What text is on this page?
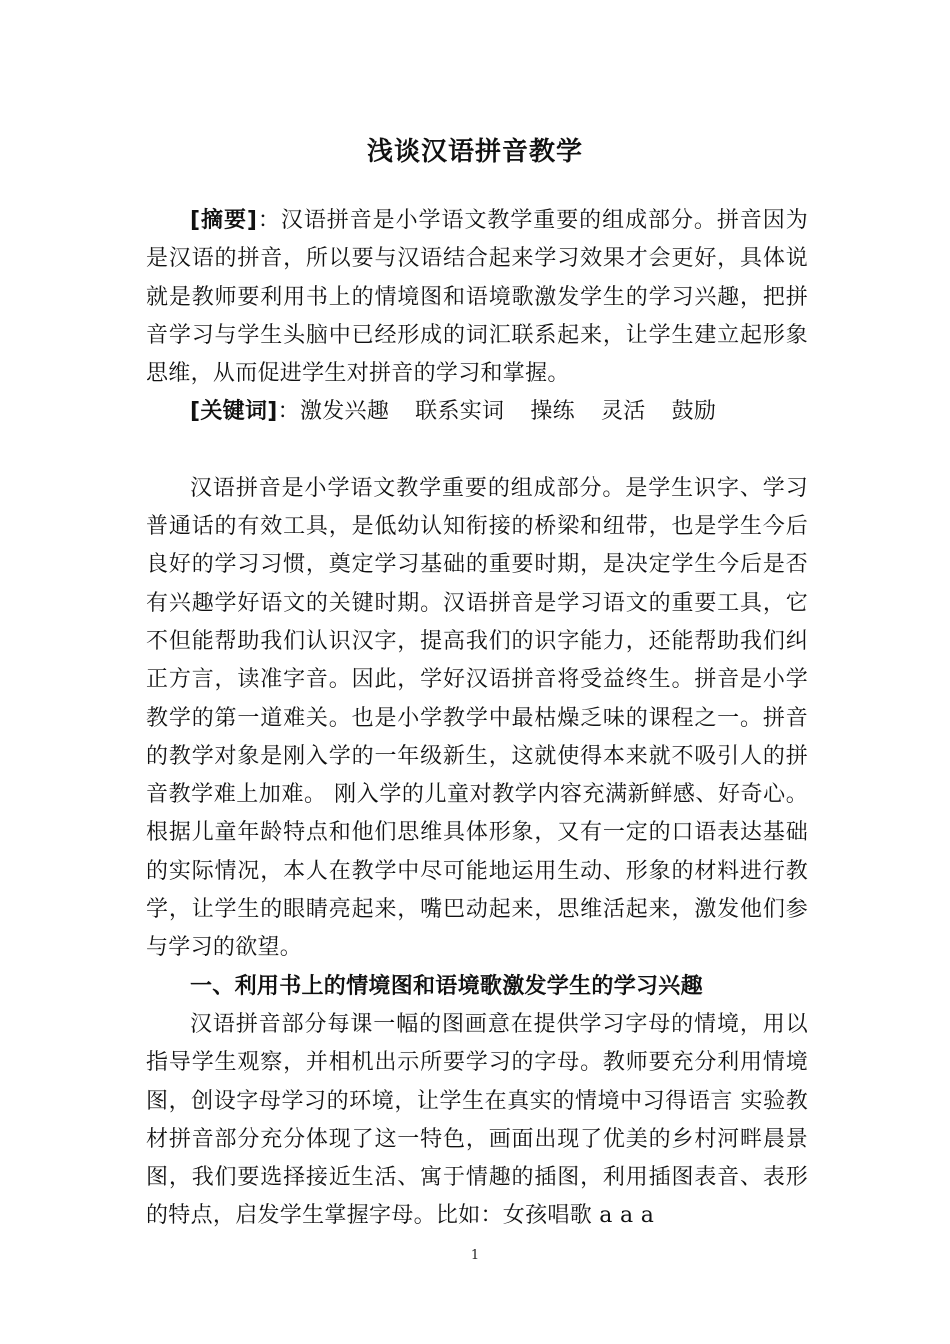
浅谈汉语拼音教学

[摘要]：汉语拼音是小学语文教学重要的组成部分。拼音因为是汉语的拼音，所以要与汉语结合起来学习效果才会更好，具体说就是教师要利用书上的情境图和语境歌激发学生的学习兴趣，把拼音学习与学生头脑中已经形成的词汇联系起来，让学生建立起形象思维，从而促进学生对拼音的学习和掌握。

[关键词]：激发兴趣 联系实词 操练 灵活 鼓励

汉语拼音是小学语文教学重要的组成部分。是学生识字、学习普通话的有效工具，是低幼认知衔接的桥梁和纽带，也是学生今后良好的学习习惯，奠定学习基础的重要时期，是决定学生今后是否有兴趣学好语文的关键时期。汉语拼音是学习语文的重要工具，它不但能帮助我们认识汉字，提高我们的识字能力，还能帮助我们纠正方言，读准字音。因此，学好汉语拼音将受益终生。拼音是小学教学的第一道难关。也是小学教学中最枯燥乏味的课程之一。拼音的教学对象是刚入学的一年级新生，这就使得本来就不吸引人的拼音教学难上加难。 刚入学的儿童对教学内容充满新鲜感、好奇心。根据儿童年龄特点和他们思维具体形象，又有一定的口语表达基础的实际情况，本人在教学中尽可能地运用生动、形象的材料进行教学，让学生的眼睛亮起来，嘴巴动起来，思维活起来，激发他们参与学习的欲望。

一、利用书上的情境图和语境歌激发学生的学习兴趣

汉语拼音部分每课一幅的图画意在提供学习字母的情境，用以指导学生观察，并相机出示所要学习的字母。教师要充分利用情境图，创设字母学习的环境，让学生在真实的情境中习得语言 实验教材拼音部分充分体现了这一特色，画面出现了优美的乡村河畔晨景图，我们要选择接近生活、寓于情趣的插图，利用插图表音、表形的特点，启发学生掌握字母。比如：女孩唱歌 a a a

1
